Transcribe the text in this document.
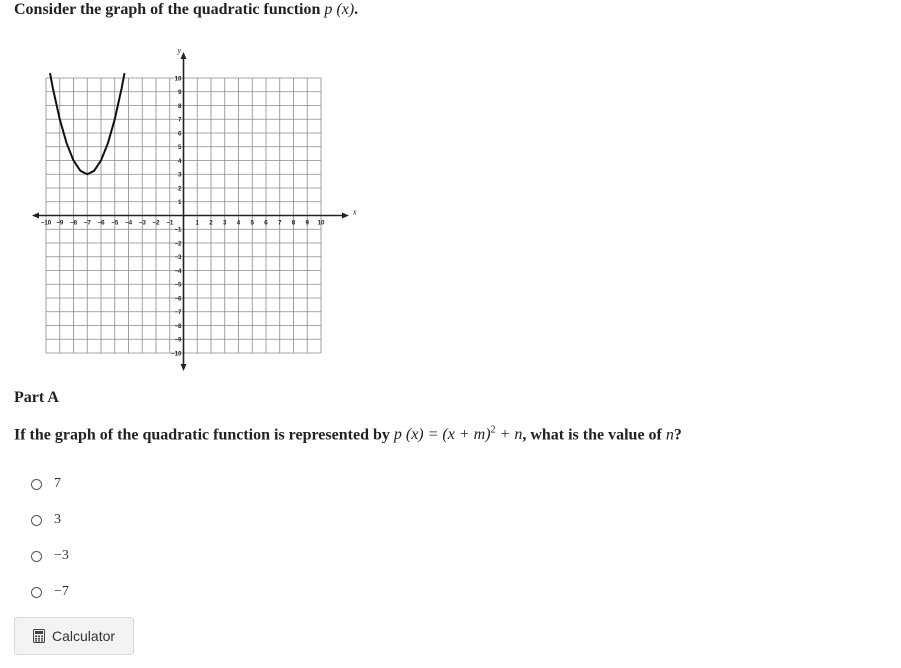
Consider the graph of the quadratic function p (x).
x
y
−10 −9 −8 −7 −6 −5 −4 −3 −2 −1	1 2 3 4 5 6 7 8 9 10
−10
−9
−8
−7
−6
−5
−4
−3
−2
−1
1
2
3
4
5
6
7
8
9
10
Part A
If the graph of the quadratic function is represented by p $(x) = (x + m)^2 + n$, what is the value of n?
7
3
−3
−7
Calculator
